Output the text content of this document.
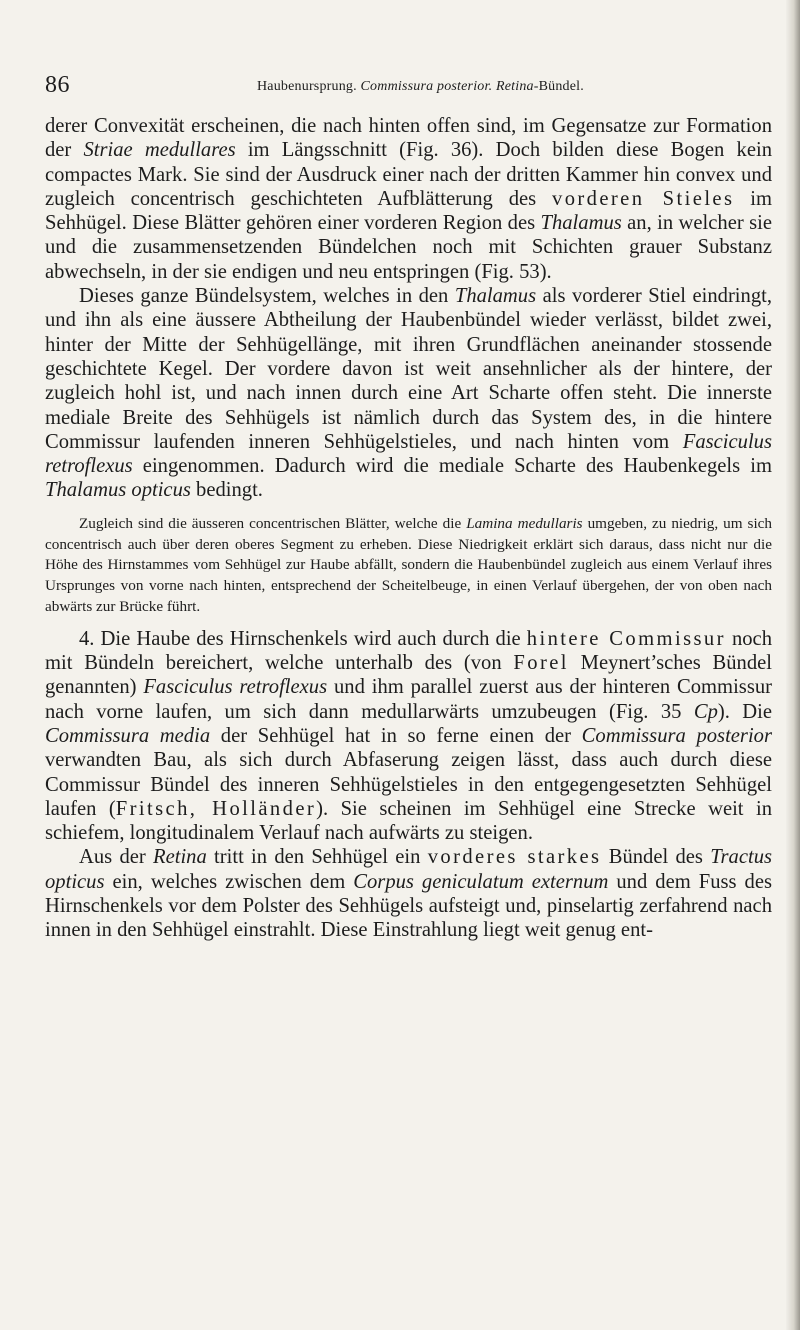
86	Haubenursprung. Commissura posterior. Retina-Bündel.

derer Convexität erscheinen, die nach hinten offen sind, im Gegensatze zur Formation der Striae medullares im Längsschnitt (Fig. 36). Doch bilden diese Bogen kein compactes Mark. Sie sind der Ausdruck einer nach der dritten Kammer hin convex und zugleich concentrisch geschichteten Aufblätterung des vorderen Stieles im Sehhügel. Diese Blätter gehören einer vorderen Region des Thalamus an, in welcher sie und die zusammensetzenden Bündelchen noch mit Schichten grauer Substanz abwechseln, in der sie endigen und neu entspringen (Fig. 53).

Dieses ganze Bündelsystem, welches in den Thalamus als vorderer Stiel eindringt, und ihn als eine äussere Abtheilung der Haubenbündel wieder verlässt, bildet zwei, hinter der Mitte der Sehhügellänge, mit ihren Grundflächen aneinander stossende geschichtete Kegel. Der vordere davon ist weit ansehnlicher als der hintere, der zugleich hohl ist, und nach innen durch eine Art Scharte offen steht. Die innerste mediale Breite des Sehhügels ist nämlich durch das System des, in die hintere Commissur laufenden inneren Sehhügelstieles, und nach hinten vom Fasciculus retroflexus eingenommen. Dadurch wird die mediale Scharte des Haubenkegels im Thalamus opticus bedingt.

Zugleich sind die äusseren concentrischen Blätter, welche die Lamina medullaris umgeben, zu niedrig, um sich concentrisch auch über deren oberes Segment zu erheben. Diese Niedrigkeit erklärt sich daraus, dass nicht nur die Höhe des Hirnstammes vom Sehhügel zur Haube abfällt, sondern die Haubenbündel zugleich aus einem Verlauf ihres Ursprunges von vorne nach hinten, entsprechend der Scheitelbeuge, in einen Verlauf übergehen, der von oben nach abwärts zur Brücke führt.

4. Die Haube des Hirnschenkels wird auch durch die hintere Commissur noch mit Bündeln bereichert, welche unterhalb des (von Forel Meynert’sches Bündel genannten) Fasciculus retroflexus und ihm parallel zuerst aus der hinteren Commissur nach vorne laufen, um sich dann medullarwärts umzubeugen (Fig. 35 Cp). Die Commissura media der Sehhügel hat in so ferne einen der Commissura posterior verwandten Bau, als sich durch Abfaserung zeigen lässt, dass auch durch diese Commissur Bündel des inneren Sehhügelstieles in den entgegengesetzten Sehhügel laufen (Fritsch, Holländer). Sie scheinen im Sehhügel eine Strecke weit in schiefem, longitudinalem Verlauf nach aufwärts zu steigen.

Aus der Retina tritt in den Sehhügel ein vorderes starkes Bündel des Tractus opticus ein, welches zwischen dem Corpus geniculatum externum und dem Fuss des Hirnschenkels vor dem Polster des Sehhügels aufsteigt und, pinselartig zerfahrend nach innen in den Sehhügel einstrahlt. Diese Einstrahlung liegt weit genug ent-
